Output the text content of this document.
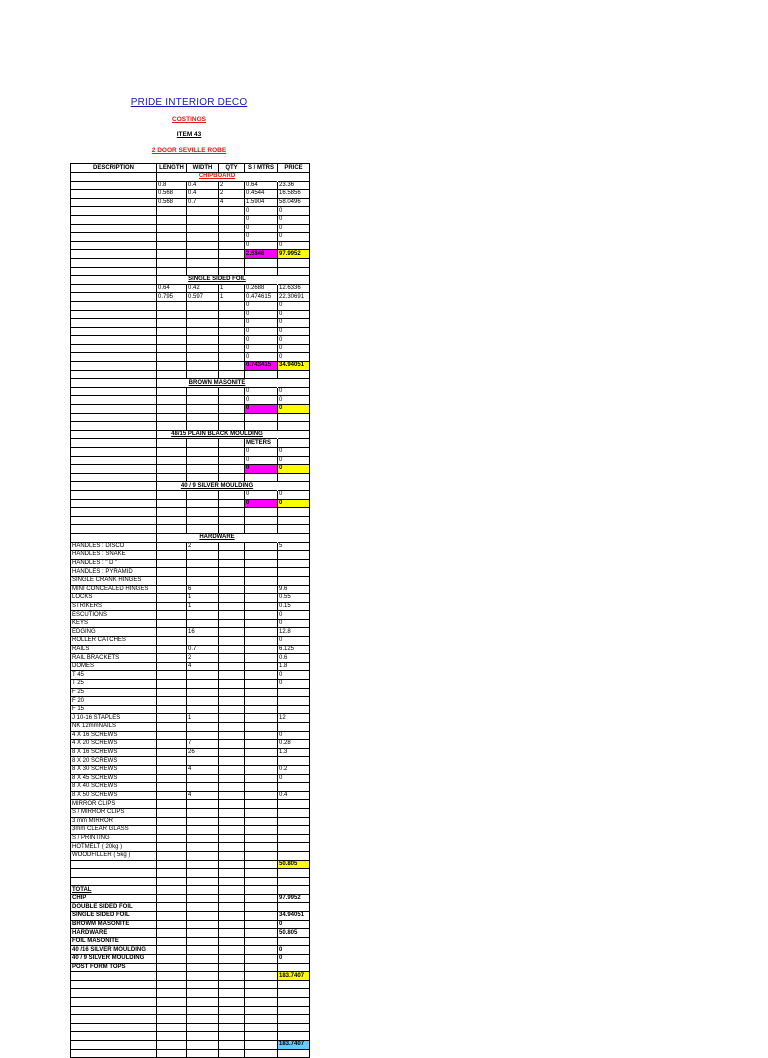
PRIDE INTERIOR DECO
COSTINGS
ITEM 43
2 DOOR SEVILLE ROBE
DESCRIPTION	LENGTH	WIDTH	QTY	S / MTRS	PRICE
	CHIPBOARD				
	0.8	0.4	2	0.64	23.36
	0.568	0.4	2	0.4544	16.5856
	0.568	0.7	4	1.5904	58.0496
				0	0
				0	0
				0	0
				0	0
				0	0
				2.6848	97.9952

	SINGLE SIDED FOIL				
	0.64	0.42	1	0.2688	12.6336
	0.795	0.597	1	0.474615	22.30691
				0	0
				0	0
				0	0
				0	0
				0	0
				0	0
				0	0
				0.743415	34.94051

	BROWN MASONITE				
				0	0
				0	0
				0	0

	48/15 PLAIN BLACK MOULDING				
				METERS	
				0	0
				0	0
				0	0

	40 / 9 SILVER MOULDING				
				0	0
				0	0

	HARDWARE				
HANDLES : DISCO		2			5
HANDLES : SNAKE					
HANDLES : " D "					
HANDLES : PYRAMID					
SINGLE CRANK HINGES					
MINI CONCEALED HINGES		6			9.6
LOCKS		1			0.55
STRIKERS		1			0.15
ESCUTIONS					0
KEYS					0
EDGING		16			12.8
ROLLER CATCHES					0
RAILS		0.7			6.125
RAIL BRACKETS		2			0.6
DOMES		4			1.8
T 45					0
T 25					0
F 25					
F 20					
F 15					
J 10-16 STAPLES		1			12
NK 12mmNAILS					
4 X 16 SCREWS					0
4 X 20 SCREWS		7			0.28
8 X 16 SCREWS		26			1.3
8 X 20 SCREWS					
8 X 30 SCREWS		4			0.2
8 X 45 SCREWS					0
8 X 40 SCREWS					
8 X 50 SCREWS		4			0.4
MIRROR CLIPS					
S / MIRROR CLIPS					
3 mm MIRROR					
3mm CLEAR GLASS					
S / PRINTING					
HOTMELT ( 20kg )					
WOODFILLER ( 5kg )					
					50.805

TOTAL					
CHIP					97.9952
DOUBLE SIDED FOIL					
SINGLE SIDED FOIL					34.94051
BROWM MASONITE					0
HARDWARE					50.805
FOIL MASONITE					
40 /16 SILVER MOULDING					0
40 / 9 SILVER MOULDING					0
POST FORM TOPS					
					183.7407

					183.7407
